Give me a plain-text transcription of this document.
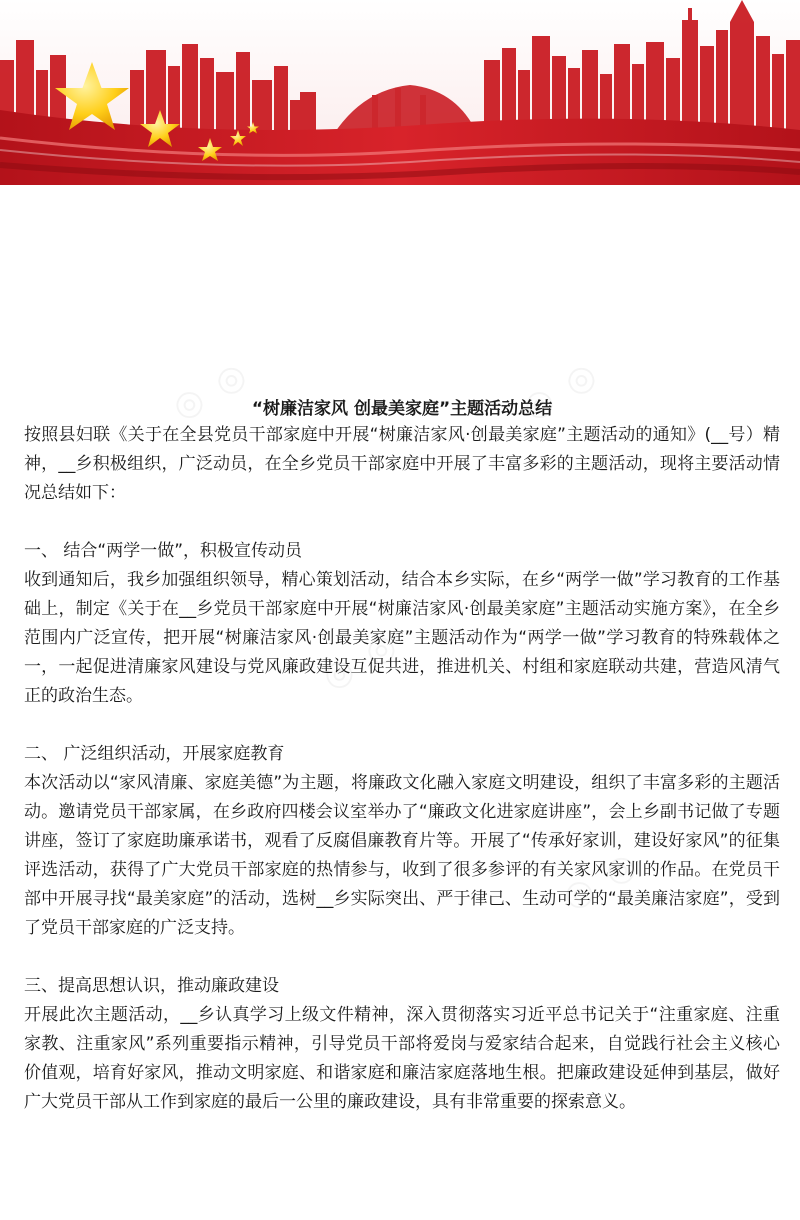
“树廉洁家风 创最美家庭”主题活动总结

按照县妇联《关于在全县党员干部家庭中开展“树廉洁家风·创最美家庭”主题活动的通知》(__号）精神，__乡积极组织，广泛动员，在全乡党员干部家庭中开展了丰富多彩的主题活动，现将主要活动情况总结如下：

一、 结合“两学一做”，积极宣传动员

收到通知后，我乡加强组织领导，精心策划活动，结合本乡实际，在乡“两学一做”学习教育的工作基础上，制定《关于在__乡党员干部家庭中开展“树廉洁家风·创最美家庭”主题活动实施方案》，在全乡范围内广泛宣传，把开展“树廉洁家风·创最美家庭”主题活动作为“两学一做”学习教育的特殊载体之一，一起促进清廉家风建设与党风廉政建设互促共进，推进机关、村组和家庭联动共建，营造风清气正的政治生态。

二、 广泛组织活动，开展家庭教育

本次活动以“家风清廉、家庭美德”为主题，将廉政文化融入家庭文明建设，组织了丰富多彩的主题活动。邀请党员干部家属，在乡政府四楼会议室举办了“廉政文化进家庭讲座”，会上乡副书记做了专题讲座，签订了家庭助廉承诺书，观看了反腐倡廉教育片等。开展了“传承好家训，建设好家风”的征集评选活动，获得了广大党员干部家庭的热情参与，收到了很多参评的有关家风家训的作品。在党员干部中开展寻找“最美家庭”的活动，选树__乡实际突出、严于律己、生动可学的“最美廉洁家庭”，受到了党员干部家庭的广泛支持。

三、提高思想认识，推动廉政建设

开展此次主题活动，__乡认真学习上级文件精神，深入贯彻落实习近平总书记关于“注重家庭、注重家教、注重家风”系列重要指示精神，引导党员干部将爱岗与爱家结合起来，自觉践行社会主义核心价值观，培育好家风，推动文明家庭、和谐家庭和廉洁家庭落地生根。把廉政建设延伸到基层，做好广大党员干部从工作到家庭的最后一公里的廉政建设，具有非常重要的探索意义。
